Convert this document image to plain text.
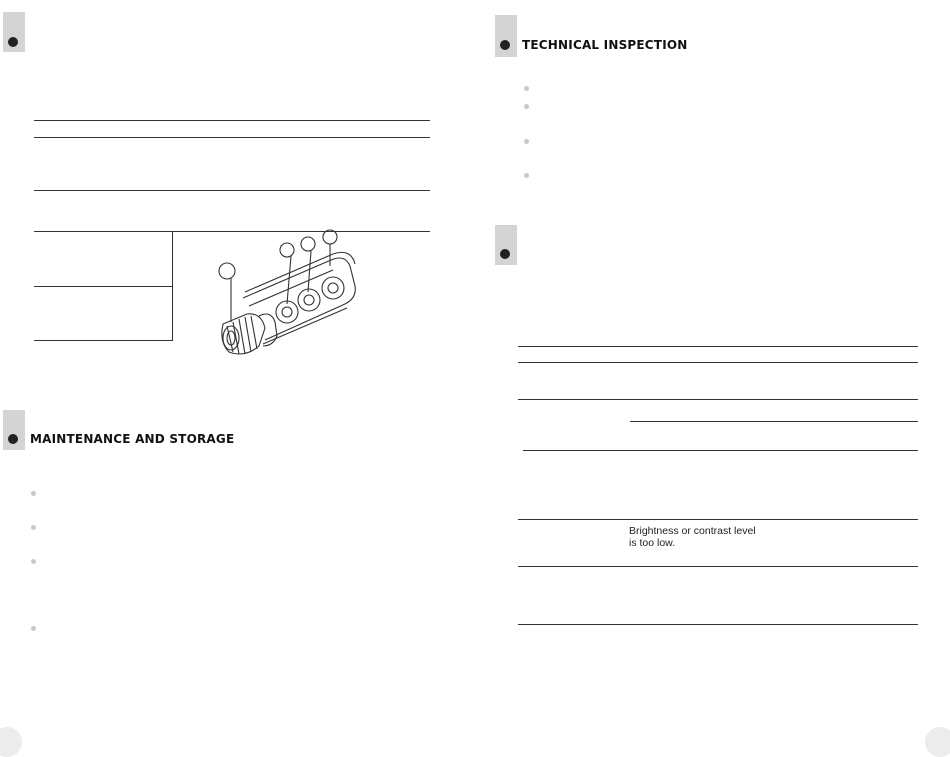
MAINTENANCE AND STORAGE
TECHNICAL INSPECTION
Brightness or contrast level
is too low.
